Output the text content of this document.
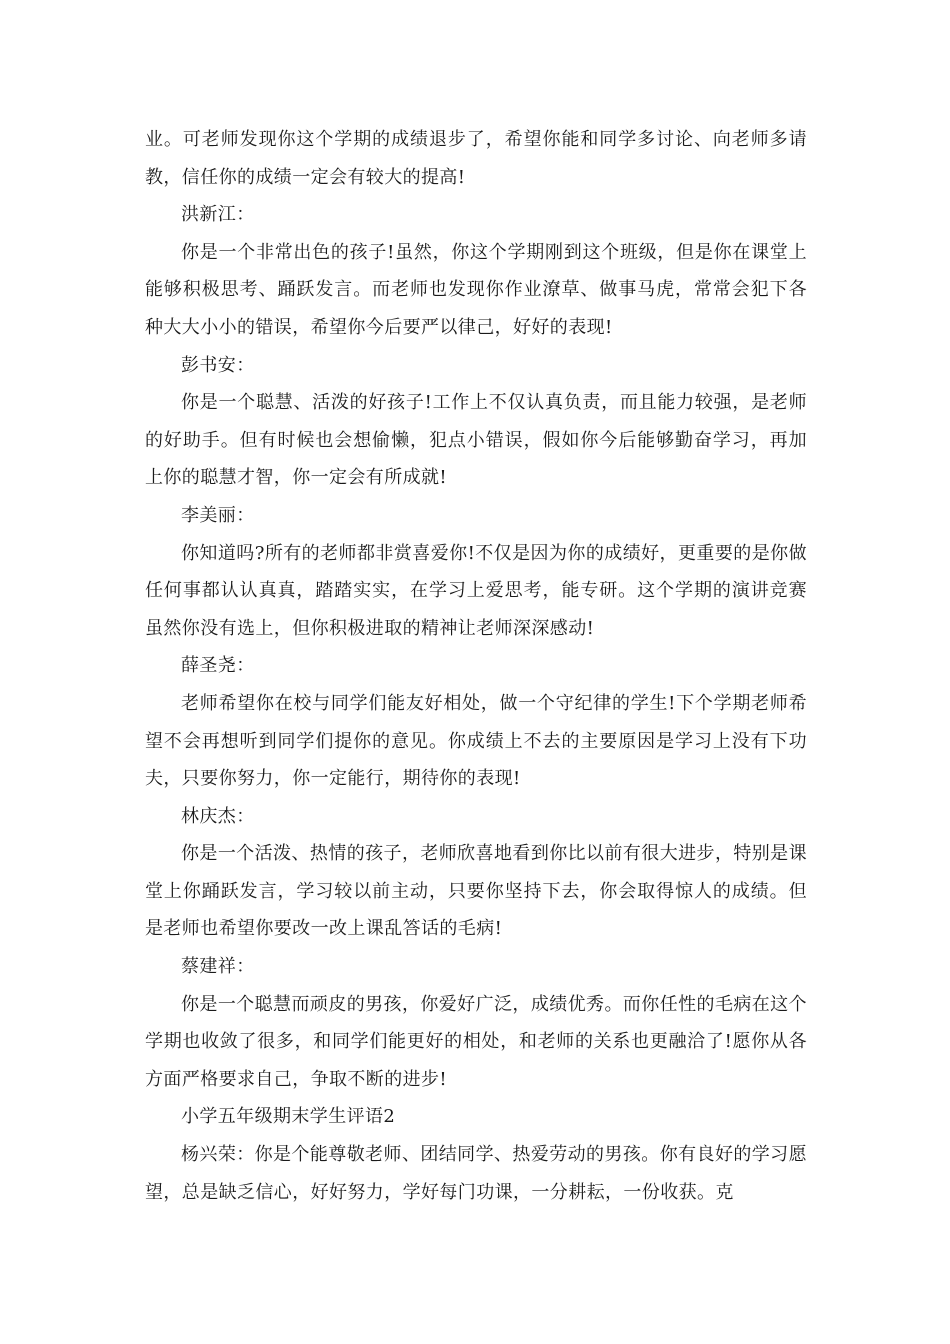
业。可老师发现你这个学期的成绩退步了，希望你能和同学多讨论、向老师多请教，信任你的成绩一定会有较大的提高!

洪新江：

你是一个非常出色的孩子!虽然，你这个学期刚到这个班级，但是你在课堂上能够积极思考、踊跃发言。而老师也发现你作业潦草、做事马虎，常常会犯下各种大大小小的错误，希望你今后要严以律己，好好的表现!

彭书安：

你是一个聪慧、活泼的好孩子!工作上不仅认真负责，而且能力较强，是老师的好助手。但有时候也会想偷懒，犯点小错误，假如你今后能够勤奋学习，再加上你的聪慧才智，你一定会有所成就!

李美丽：

你知道吗?所有的老师都非赏喜爱你!不仅是因为你的成绩好，更重要的是你做任何事都认认真真，踏踏实实，在学习上爱思考，能专研。这个学期的演讲竞赛虽然你没有选上，但你积极进取的精神让老师深深感动!

薛圣尧：

老师希望你在校与同学们能友好相处，做一个守纪律的学生!下个学期老师希望不会再想听到同学们提你的意见。你成绩上不去的主要原因是学习上没有下功夫，只要你努力，你一定能行，期待你的表现!

林庆杰：

你是一个活泼、热情的孩子，老师欣喜地看到你比以前有很大进步，特别是课堂上你踊跃发言，学习较以前主动，只要你坚持下去，你会取得惊人的成绩。但是老师也希望你要改一改上课乱答话的毛病!

蔡建祥：

你是一个聪慧而顽皮的男孩，你爱好广泛，成绩优秀。而你任性的毛病在这个学期也收敛了很多，和同学们能更好的相处，和老师的关系也更融洽了!愿你从各方面严格要求自己，争取不断的进步!

小学五年级期末学生评语2

杨兴荣：你是个能尊敬老师、团结同学、热爱劳动的男孩。你有良好的学习愿望，总是缺乏信心，好好努力，学好每门功课，一分耕耘，一份收获。克
